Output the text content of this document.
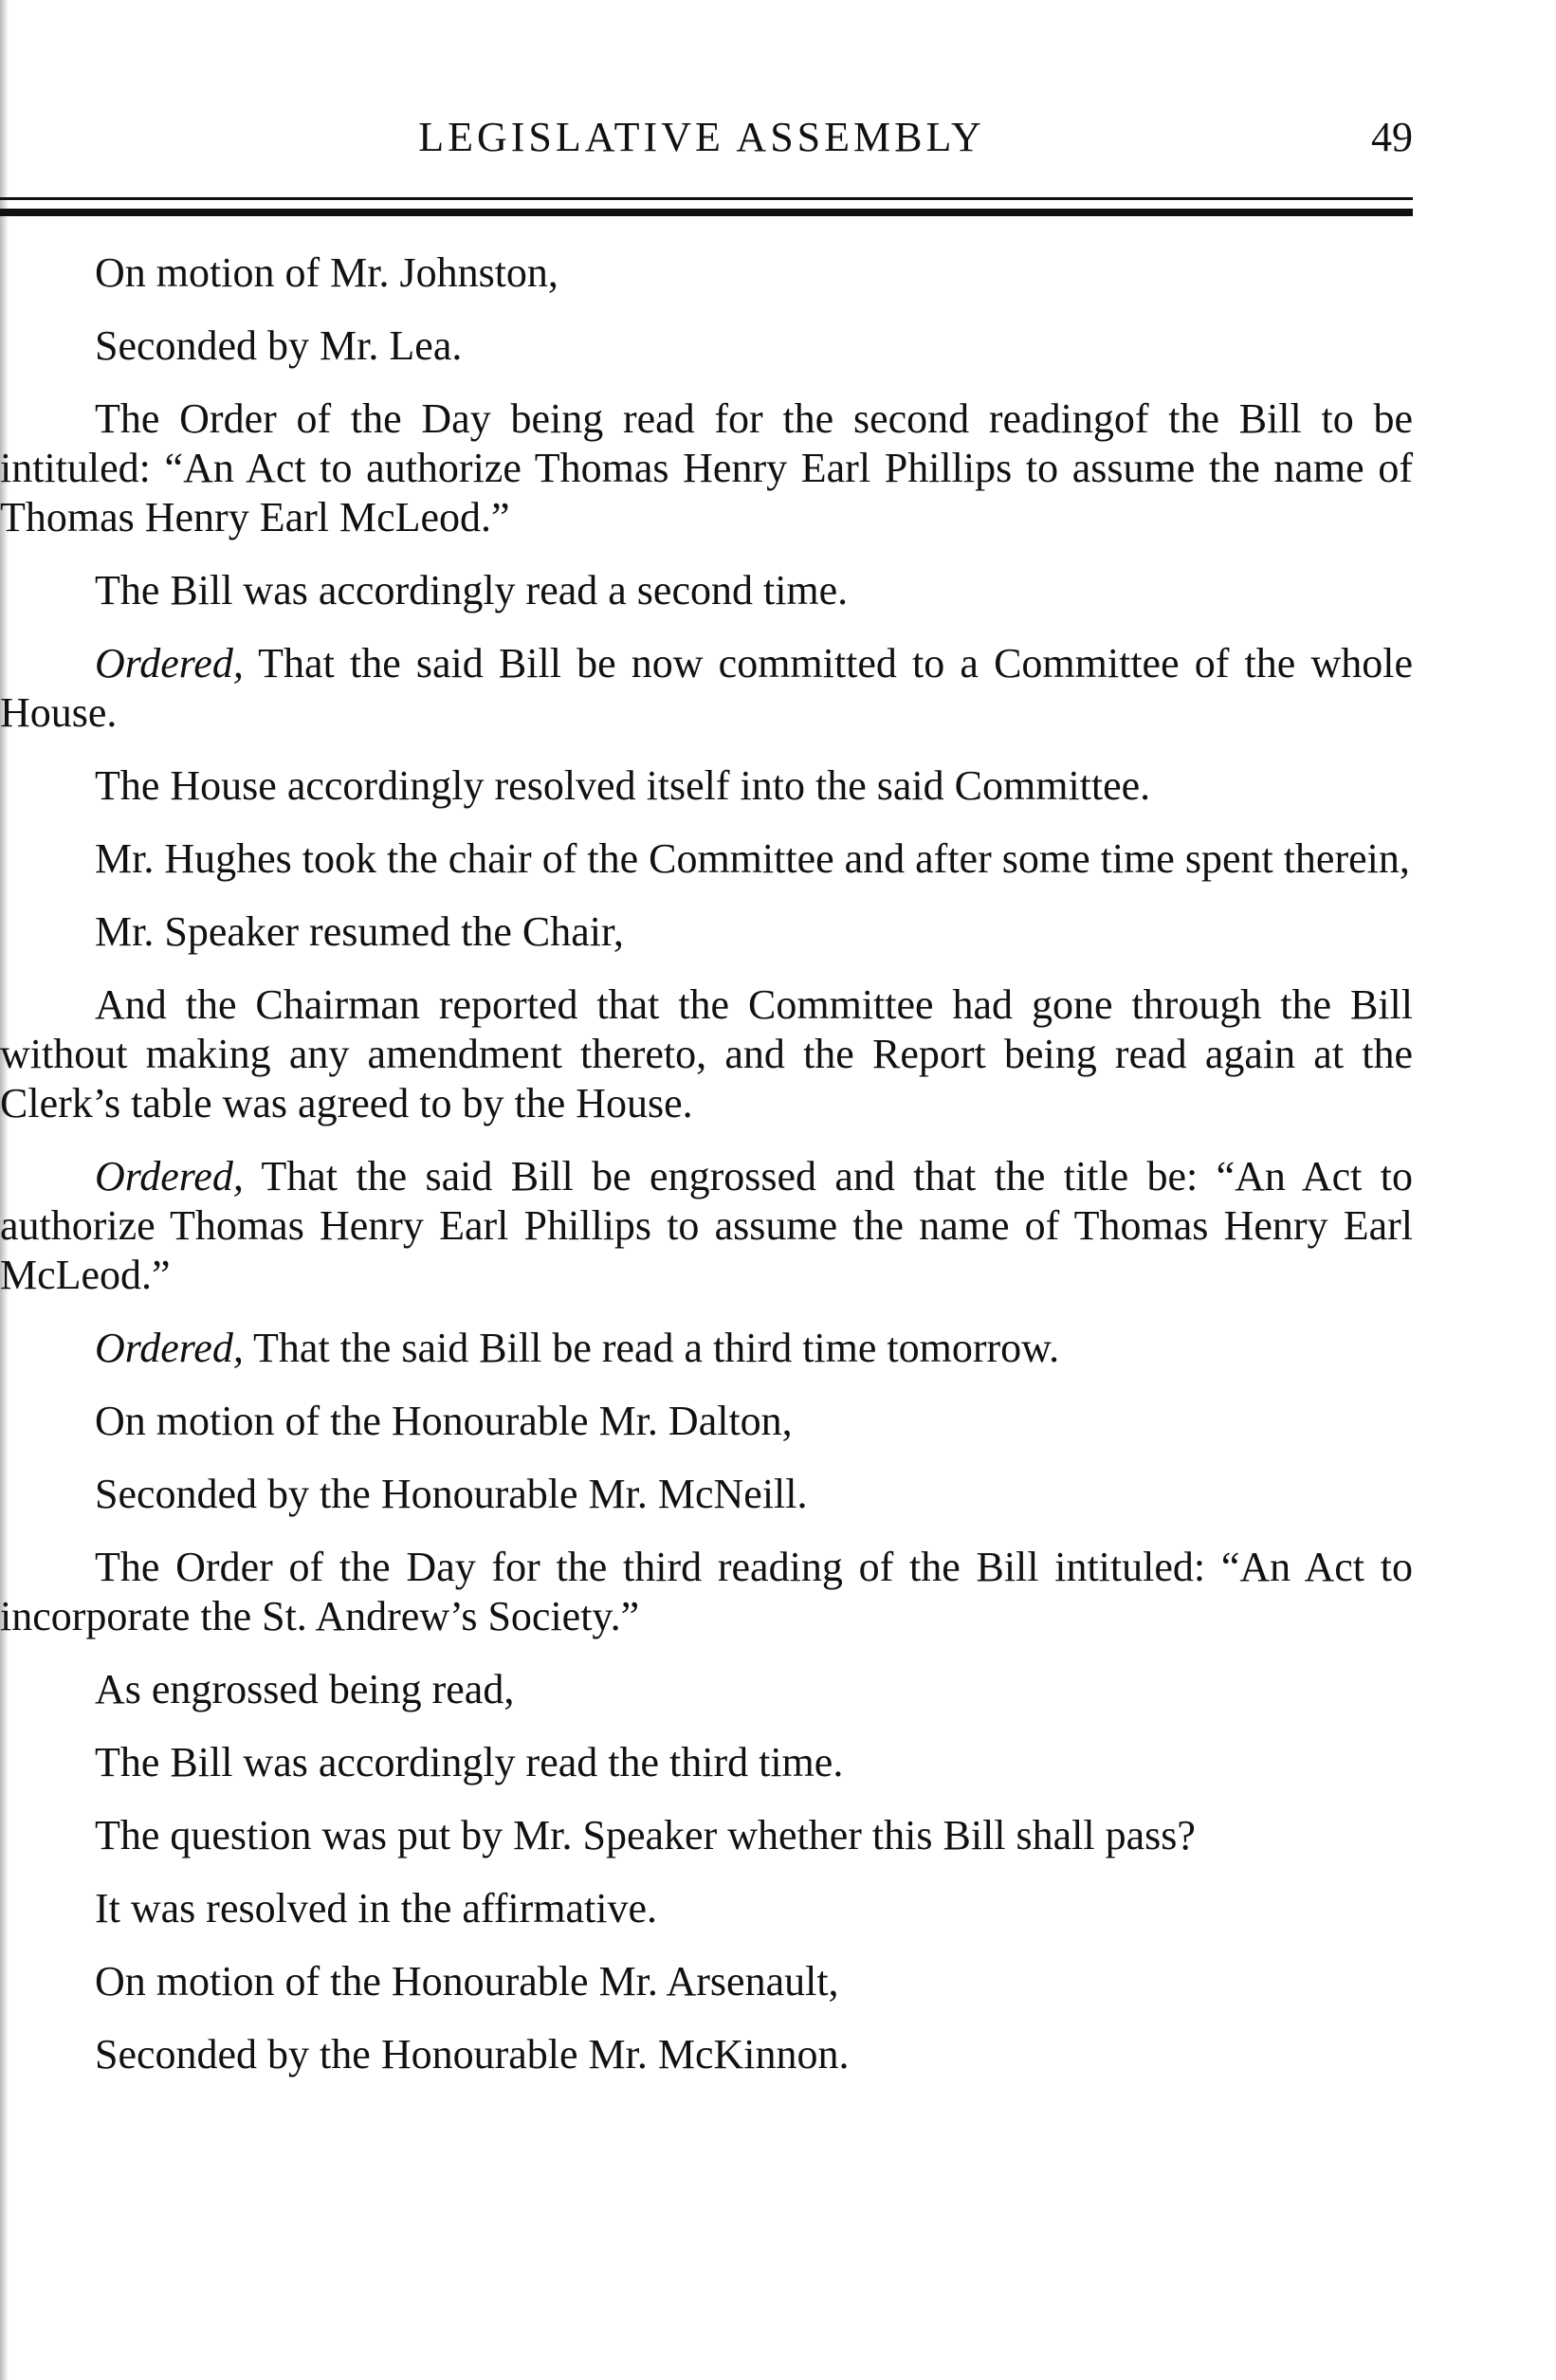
LEGISLATIVE ASSEMBLY	49

On motion of Mr. Johnston,

Seconded by Mr. Lea.

The Order of the Day being read for the second readingof the Bill to be intituled: “An Act to authorize Thomas Henry Earl Phillips to assume the name of Thomas Henry Earl McLeod.”

The Bill was accordingly read a second time.

Ordered, That the said Bill be now committed to a Committee of the whole House.

The House accordingly resolved itself into the said Committee.

Mr. Hughes took the chair of the Committee and after some time spent therein,

Mr. Speaker resumed the Chair,

And the Chairman reported that the Committee had gone through the Bill without making any amendment thereto, and the Report being read again at the Clerk’s table was agreed to by the House.

Ordered, That the said Bill be engrossed and that the title be: “An Act to authorize Thomas Henry Earl Phillips to assume the name of Thomas Henry Earl McLeod.”

Ordered, That the said Bill be read a third time tomorrow.

On motion of the Honourable Mr. Dalton,

Seconded by the Honourable Mr. McNeill.

The Order of the Day for the third reading of the Bill intituled: “An Act to incorporate the St. Andrew’s Society.”

As engrossed being read,

The Bill was accordingly read the third time.

The question was put by Mr. Speaker whether this Bill shall pass?

It was resolved in the affirmative.

On motion of the Honourable Mr. Arsenault,

Seconded by the Honourable Mr. McKinnon.
